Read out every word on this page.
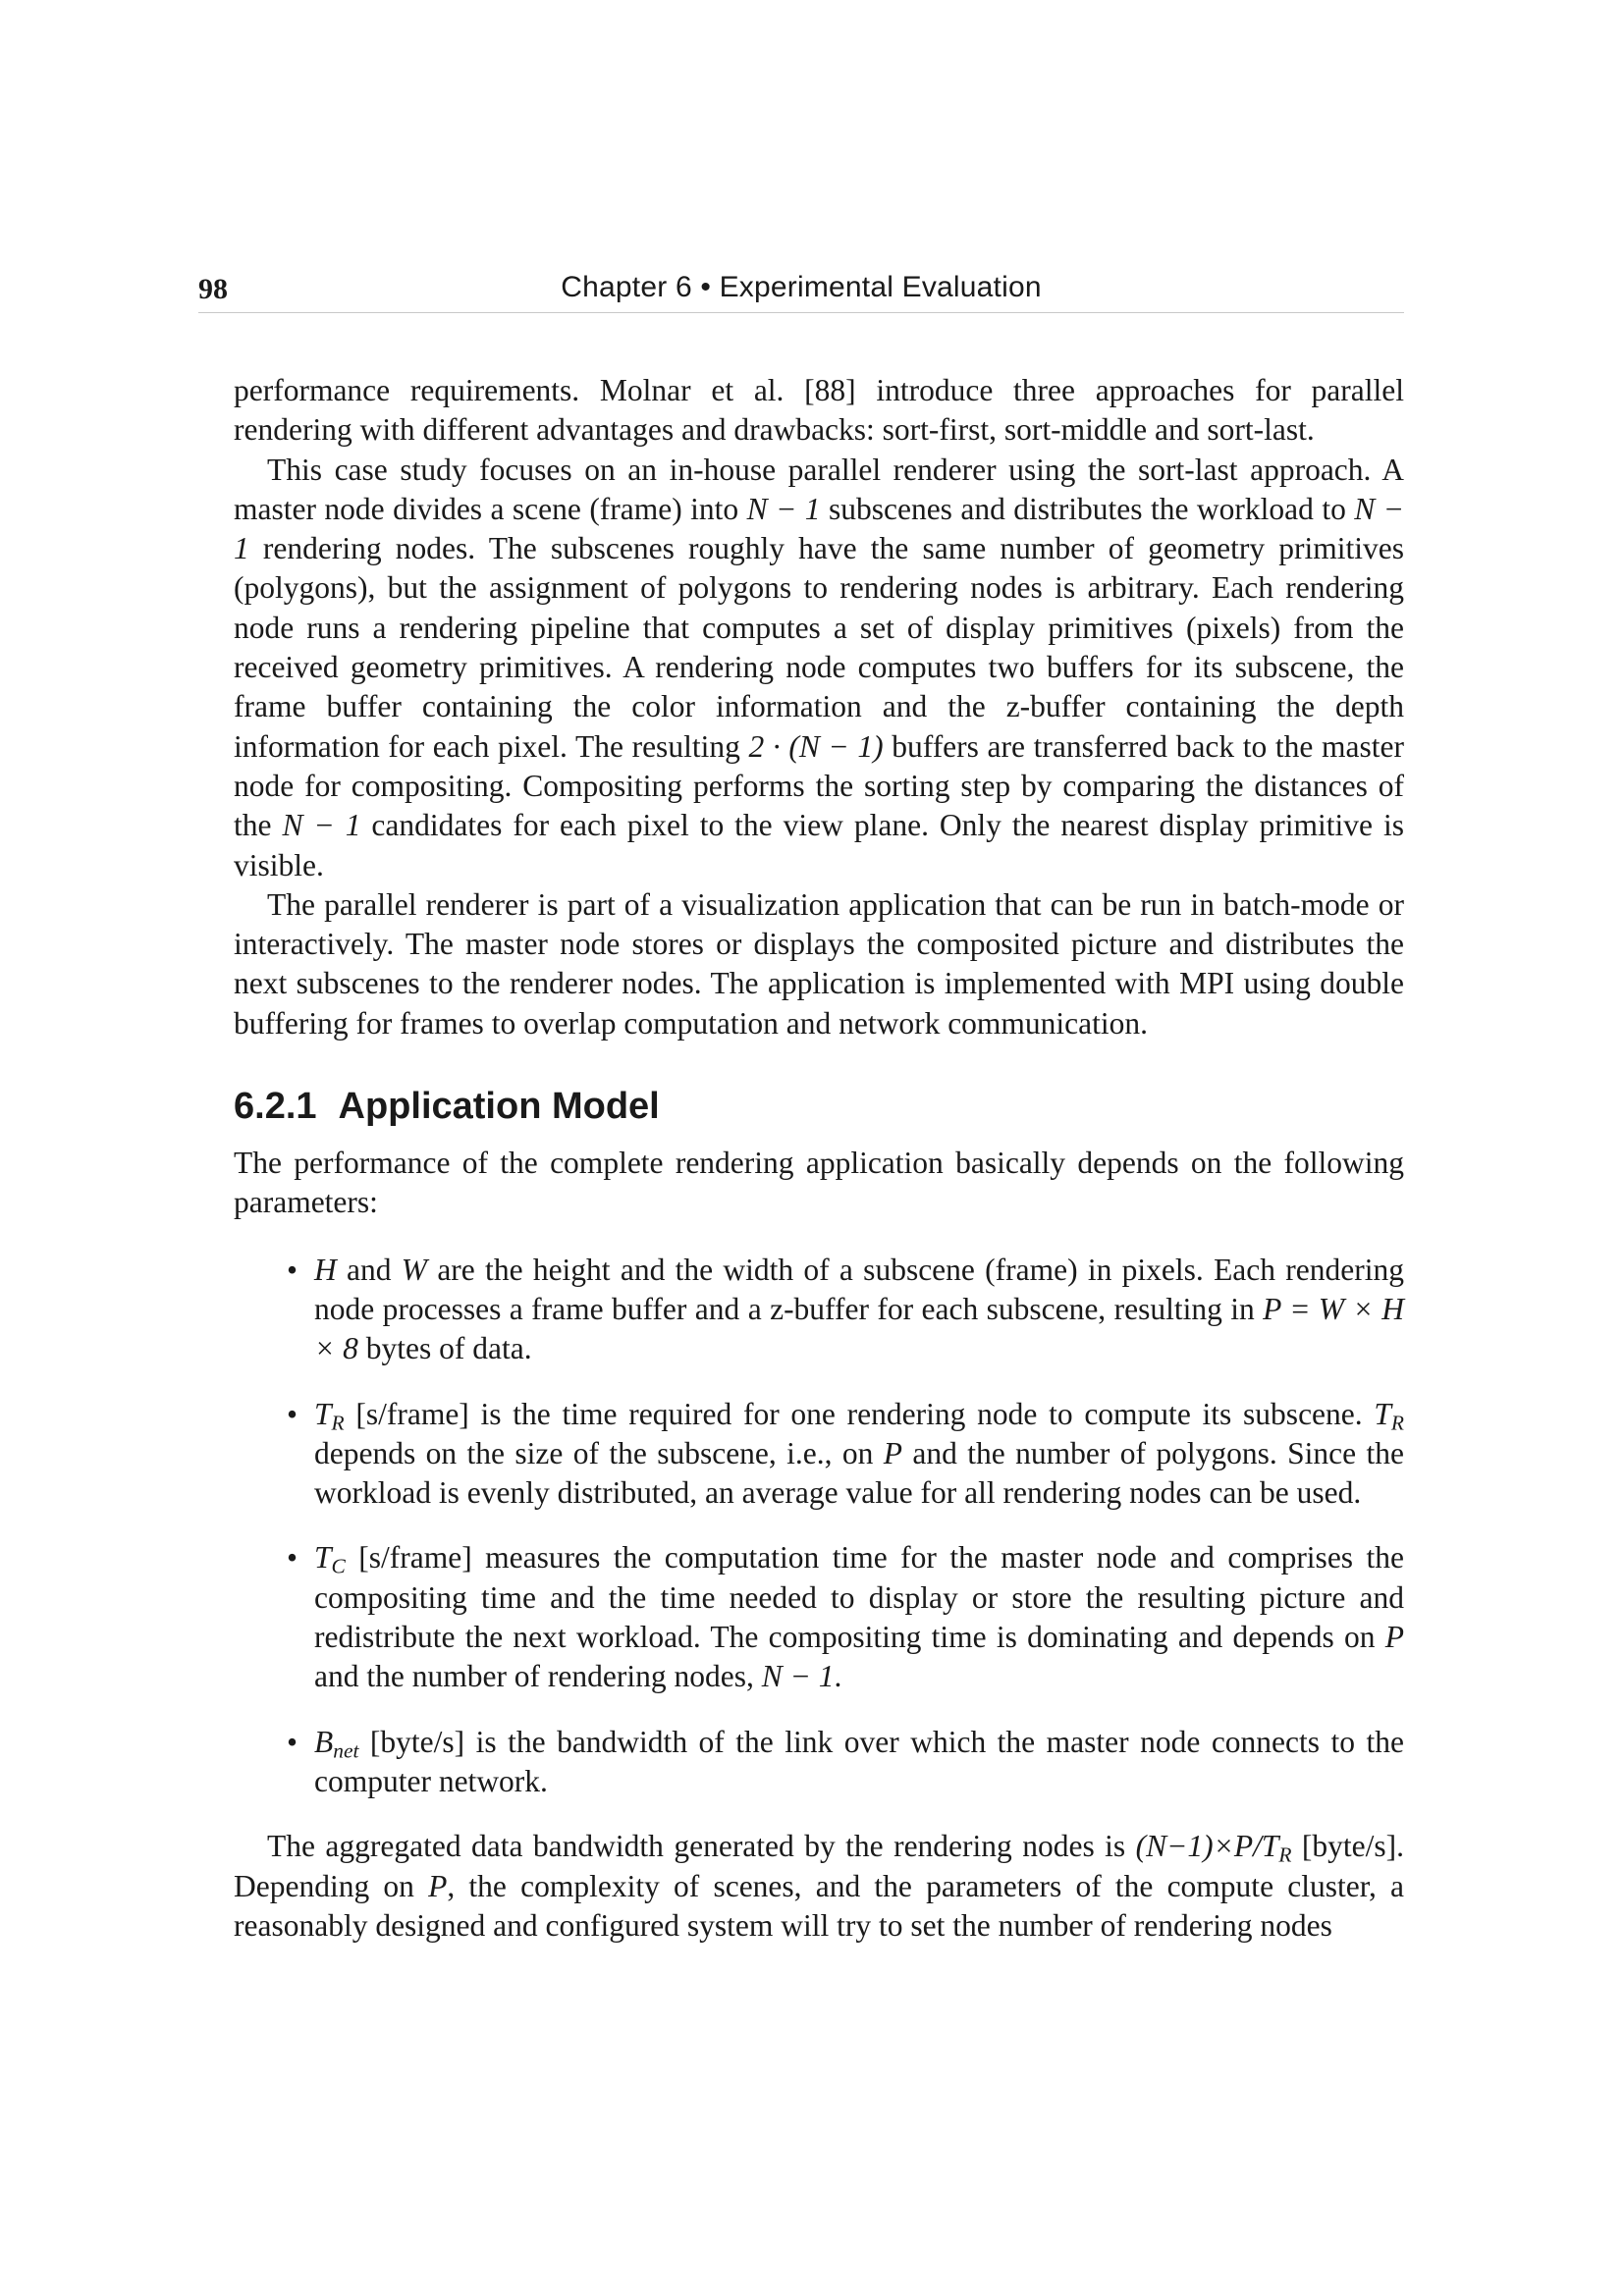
98	Chapter 6 • Experimental Evaluation

performance requirements. Molnar et al. [88] introduce three approaches for parallel rendering with different advantages and drawbacks: sort-first, sort-middle and sort-last.

This case study focuses on an in-house parallel renderer using the sort-last approach. A master node divides a scene (frame) into N − 1 subscenes and distributes the workload to N − 1 rendering nodes. The subscenes roughly have the same number of geometry primitives (polygons), but the assignment of polygons to rendering nodes is arbitrary. Each rendering node runs a rendering pipeline that computes a set of display primitives (pixels) from the received geometry primitives. A rendering node computes two buffers for its subscene, the frame buffer containing the color information and the z-buffer containing the depth information for each pixel. The resulting 2 · (N − 1) buffers are transferred back to the master node for compositing. Compositing performs the sorting step by comparing the distances of the N − 1 candidates for each pixel to the view plane. Only the nearest display primitive is visible.

The parallel renderer is part of a visualization application that can be run in batch-mode or interactively. The master node stores or displays the composited picture and distributes the next subscenes to the renderer nodes. The application is implemented with MPI using double buffering for frames to overlap computation and network communication.

6.2.1 Application Model

The performance of the complete rendering application basically depends on the following parameters:

• H and W are the height and the width of a subscene (frame) in pixels. Each rendering node processes a frame buffer and a z-buffer for each subscene, resulting in P = W × H × 8 bytes of data.
• $T_R$ [s/frame] is the time required for one rendering node to compute its subscene. $T_R$ depends on the size of the subscene, i.e., on P and the number of polygons. Since the workload is evenly distributed, an average value for all rendering nodes can be used.
• $T_C$ [s/frame] measures the computation time for the master node and comprises the compositing time and the time needed to display or store the resulting picture and redistribute the next workload. The compositing time is dominating and depends on P and the number of rendering nodes, N − 1.
• $B_{net}$ [byte/s] is the bandwidth of the link over which the master node connects to the computer network.

The aggregated data bandwidth generated by the rendering nodes is $(N-1)\times P/T_R$ [byte/s]. Depending on P, the complexity of scenes, and the parameters of the compute cluster, a reasonably designed and configured system will try to set the number of rendering nodes
